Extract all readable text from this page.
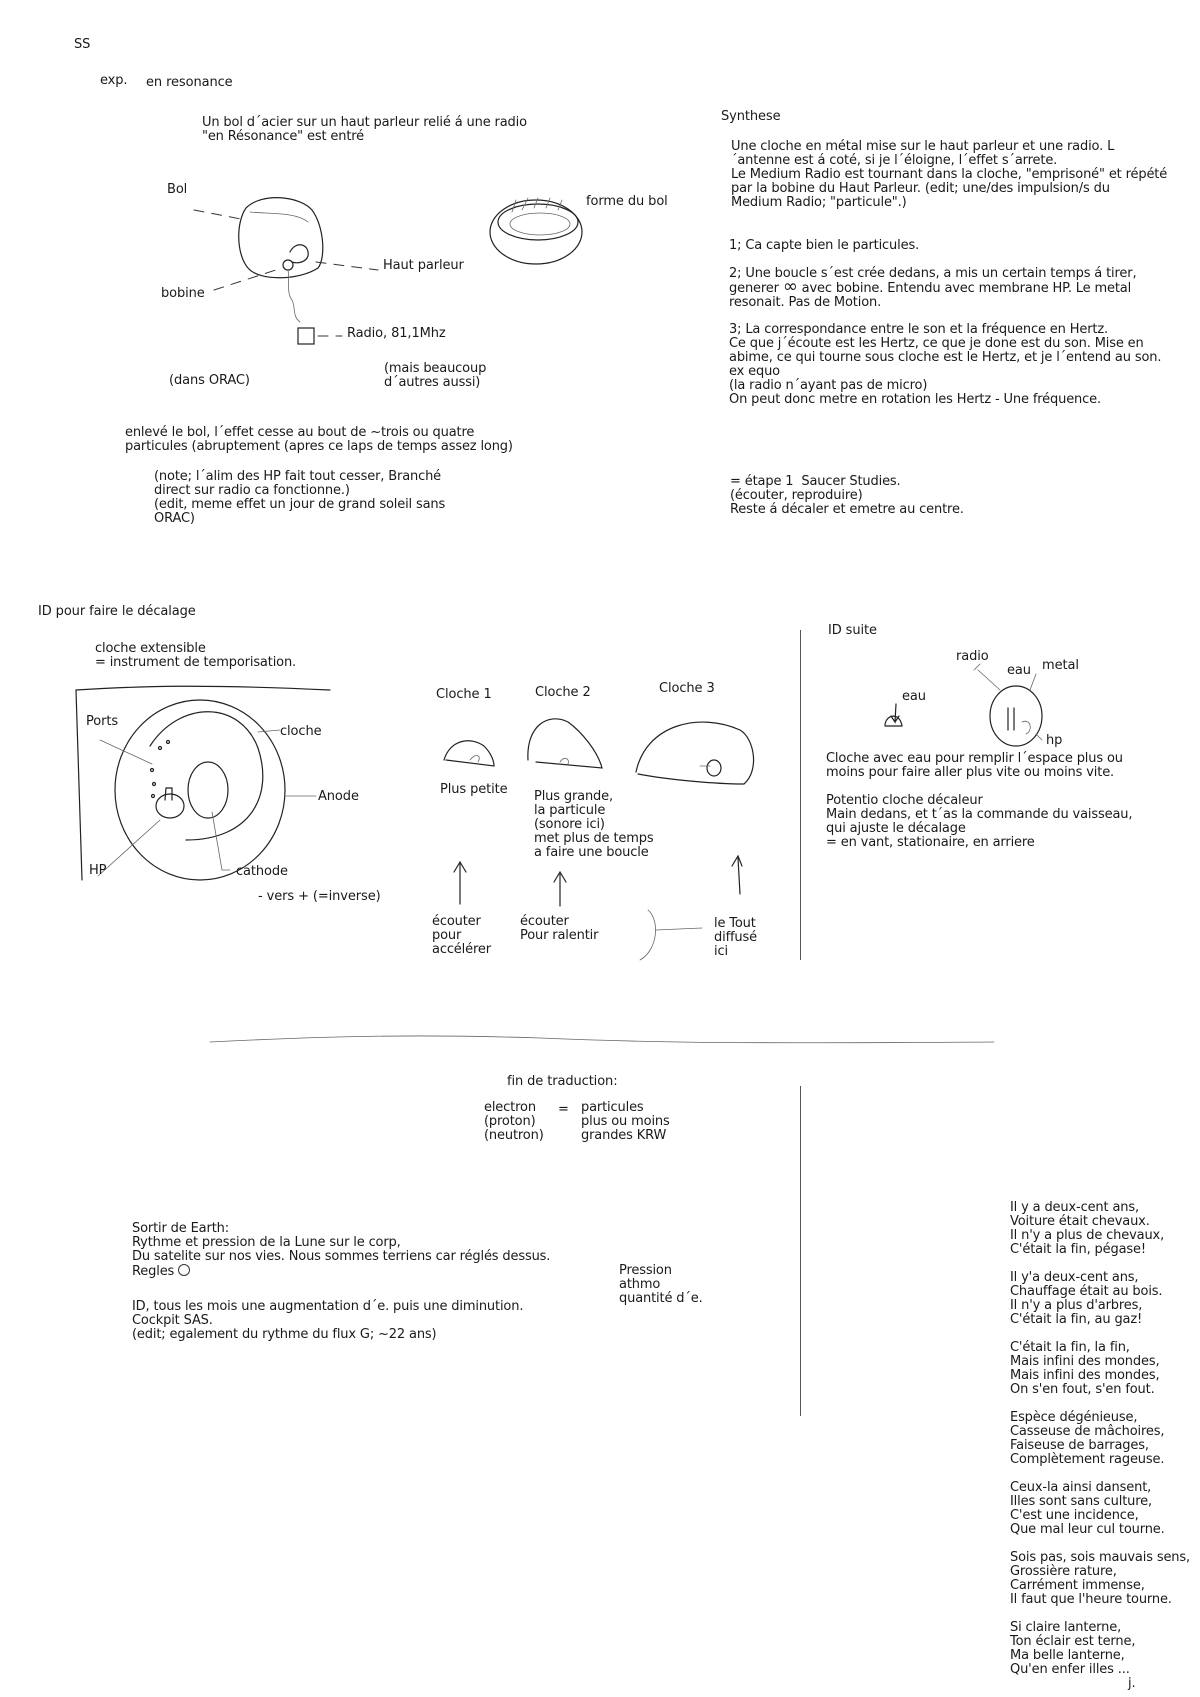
SS
exp. en resonance
Un bol d´acier sur un haut parleur relié á une radio
"en Résonance" est entré
Bol
bobine
Haut parleur
Radio, 81,1Mhz
forme du bol
(dans ORAC)
(mais beaucoup
d´autres aussi)
enlevé le bol, l´effet cesse au bout de ~trois ou quatre
particules (abruptement (apres ce laps de temps assez long)
(note; l´alim des HP fait tout cesser, Branché
direct sur radio ca fonctionne.)
(edit, meme effet un jour de grand soleil sans
ORAC)
Synthese
Une cloche en métal mise sur le haut parleur et une radio. L
´antenne est á coté, si je l´éloigne, l´effet s´arrete.
Le Medium Radio est tournant dans la cloche, "emprisoné" et répété
par la bobine du Haut Parleur. (edit; une/des impulsion/s du
Medium Radio; "particule".)
1; Ca capte bien le particules.
2; Une boucle s´est crée dedans, a mis un certain temps á tirer,
generer ∞ avec bobine. Entendu avec membrane HP. Le metal
resonait. Pas de Motion.
3; La correspondance entre le son et la fréquence en Hertz.
Ce que j´écoute est les Hertz, ce que je done est du son. Mise en
abime, ce qui tourne sous cloche est le Hertz, et je l´entend au son.
ex equo
(la radio n´ayant pas de micro)
On peut donc metre en rotation les Hertz - Une fréquence.
= étape 1  Saucer Studies.
(écouter, reproduire)
Reste á décaler et emetre au centre.
ID pour faire le décalage
cloche extensible
= instrument de temporisation.
Ports
cloche
Anode
HP	cathode
- vers + (=inverse)
Cloche 1	Cloche 2	Cloche 3
Plus petite Plus grande,
la particule
(sonore ici)
met plus de temps
a faire une boucle
écouter
pour
accélérer
écouter
Pour ralentir
le Tout
diffusé
ici
ID suite
radio
eau metal
eau
hp
Cloche avec eau pour remplir l´espace plus ou
moins pour faire aller plus vite ou moins vite.
Potentio cloche décaleur
Main dedans, et t´as la commande du vaisseau,
qui ajuste le décalage
= en vant, stationaire, en arriere
fin de traduction:
electron
(proton)
(neutron)
= particules
plus ou moins
grandes KRW
Sortir de Earth:
Rythme et pression de la Lune sur le corp,
Du satelite sur nos vies. Nous sommes terriens car réglés dessus.
Regles
ID, tous les mois une augmentation d´e. puis une diminution.
Cockpit SAS.
(edit; egalement du rythme du flux G; ~22 ans)
Pression
athmo
quantité d´e.
Il y a deux-cent ans,
Voiture était chevaux.
Il n'y a plus de chevaux,
C'était la fin, pégase!
Il y'a deux-cent ans,
Chauffage était au bois.
Il n'y a plus d'arbres,
C'était la fin, au gaz!
C'était la fin, la fin,
Mais infini des mondes,
Mais infini des mondes,
On s'en fout, s'en fout.
Espèce dégénieuse,
Casseuse de mâchoires,
Faiseuse de barrages,
Complètement rageuse.
Ceux-la ainsi dansent,
Illes sont sans culture,
C'est une incidence,
Que mal leur cul tourne.
Sois pas, sois mauvais sens,
Grossière rature,
Carrément immense,
Il faut que l'heure tourne.
Si claire lanterne,
Ton éclair est terne,
Ma belle lanterne,
Qu'en enfer illes ...
j.
